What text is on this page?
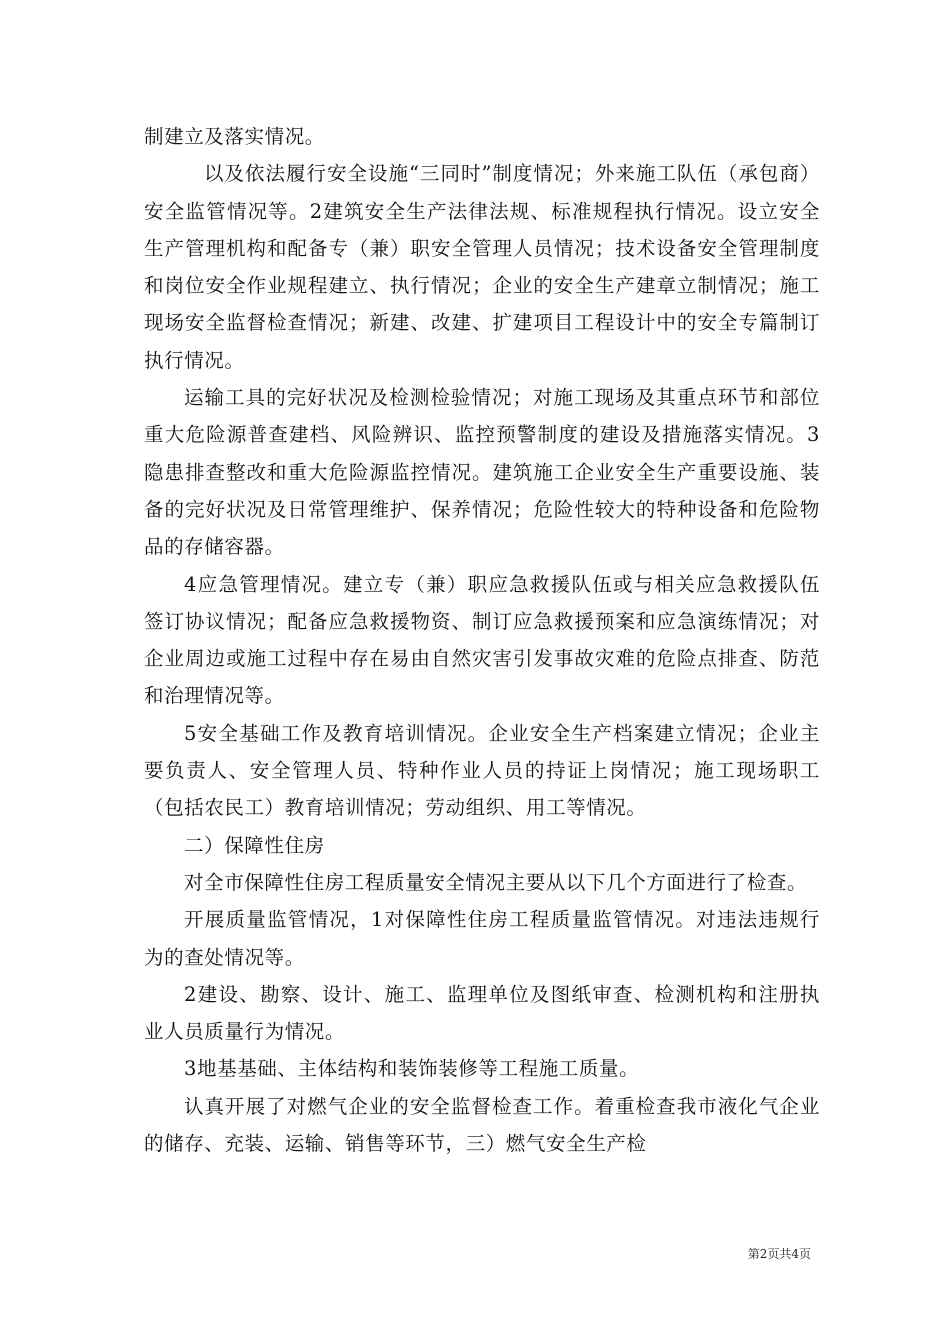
制建立及落实情况。

以及依法履行安全设施“三同时”制度情况；外来施工队伍（承包商）安全监管情况等。2建筑安全生产法律法规、标准规程执行情况。设立安全生产管理机构和配备专（兼）职安全管理人员情况；技术设备安全管理制度和岗位安全作业规程建立、执行情况；企业的安全生产建章立制情况；施工现场安全监督检查情况；新建、改建、扩建项目工程设计中的安全专篇制订执行情况。

运输工具的完好状况及检测检验情况；对施工现场及其重点环节和部位重大危险源普查建档、风险辨识、监控预警制度的建设及措施落实情况。3隐患排查整改和重大危险源监控情况。建筑施工企业安全生产重要设施、装备的完好状况及日常管理维护、保养情况；危险性较大的特种设备和危险物品的存储容器。

4应急管理情况。建立专（兼）职应急救援队伍或与相关应急救援队伍签订协议情况；配备应急救援物资、制订应急救援预案和应急演练情况；对企业周边或施工过程中存在易由自然灾害引发事故灾难的危险点排查、防范和治理情况等。

5安全基础工作及教育培训情况。企业安全生产档案建立情况；企业主要负责人、安全管理人员、特种作业人员的持证上岗情况；施工现场职工（包括农民工）教育培训情况；劳动组织、用工等情况。

二）保障性住房

对全市保障性住房工程质量安全情况主要从以下几个方面进行了检查。

开展质量监管情况，1对保障性住房工程质量监管情况。对违法违规行为的查处情况等。

2建设、勘察、设计、施工、监理单位及图纸审查、检测机构和注册执业人员质量行为情况。

3地基基础、主体结构和装饰装修等工程施工质量。

认真开展了对燃气企业的安全监督检查工作。着重检查我市液化气企业的储存、充装、运输、销售等环节，三）燃气安全生产检

第2页共4页
